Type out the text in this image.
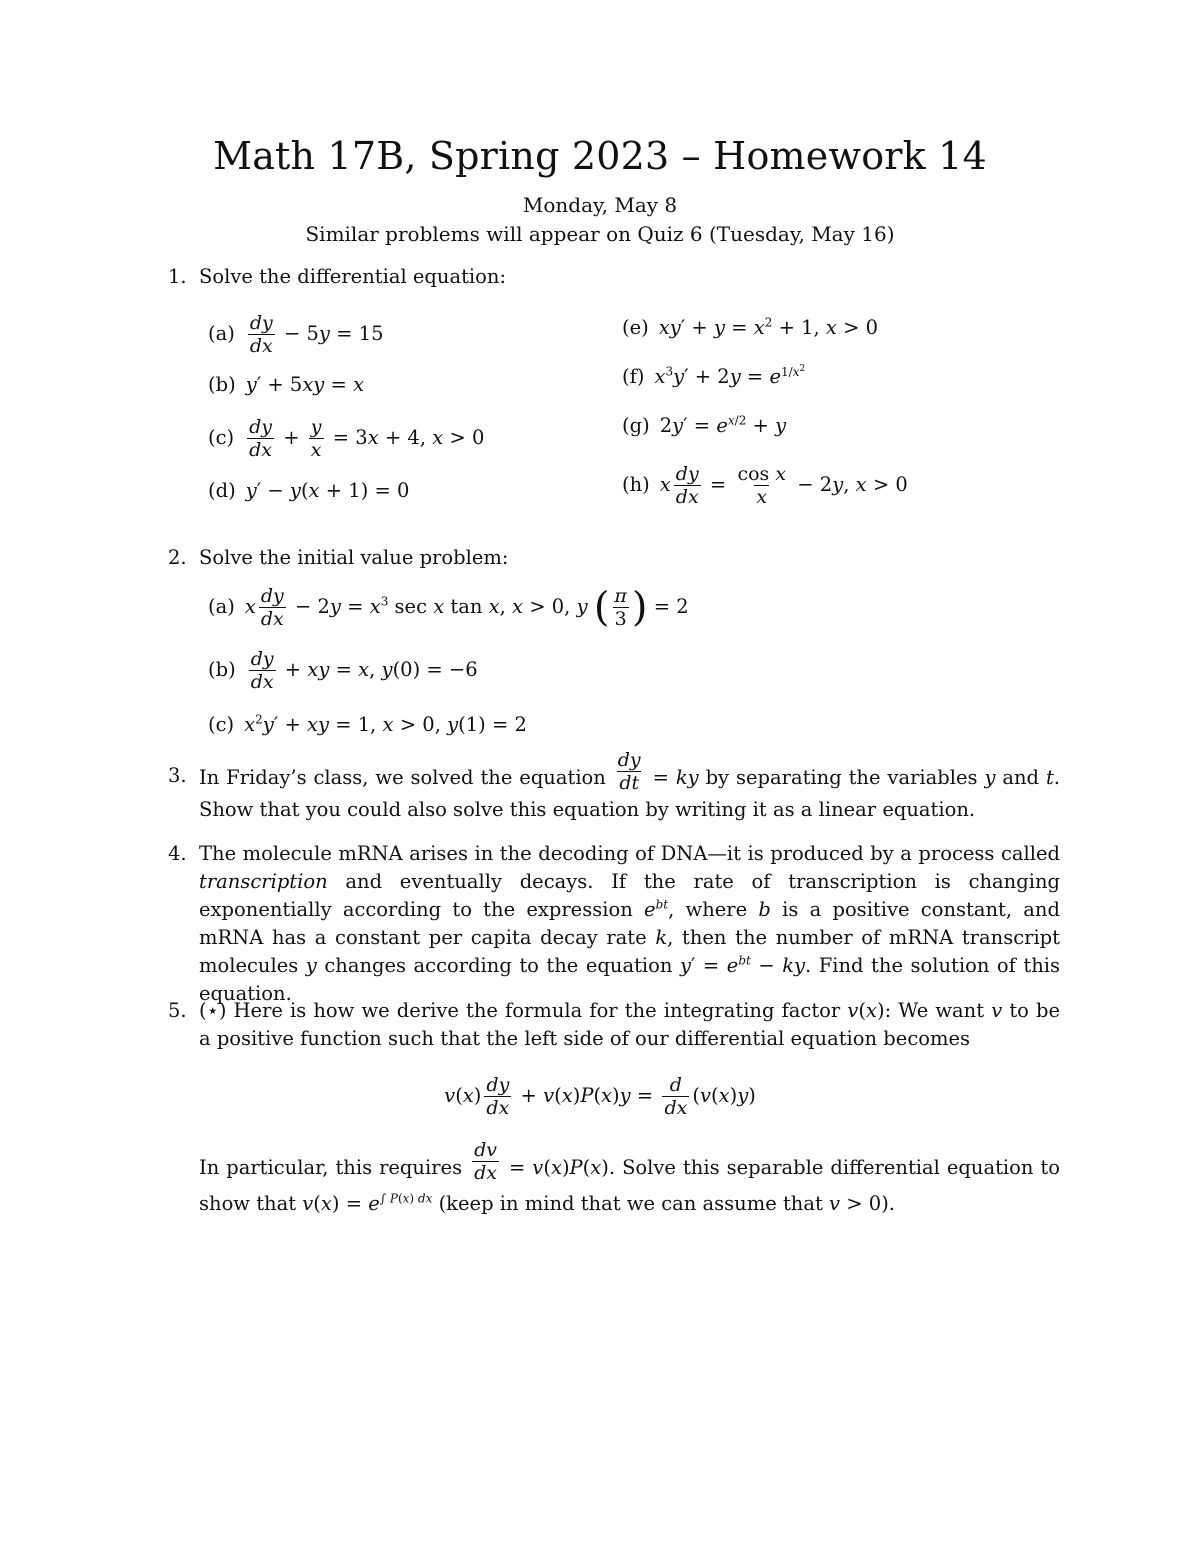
Math 17B, Spring 2023 – Homework 14
Monday, May 8
Similar problems will appear on Quiz 6 (Tuesday, May 16)
1. Solve the differential equation:
$(a) \frac{dy}{dx} - 5y = 15$
(b) y′ + 5xy = x
$(c) \frac{dy}{dx} + \frac{y}{x} = 3x + 4$, x > 0
(d) y′ − y(x + 1) = 0
(e) $xy' + y = x^2 + 1$, x > 0
(f) $x^3y' + 2y = e^{1/x^2}$
(g) $2y' = e^{x/2} + y$
(h) x $\frac{dy}{dx} = \frac{\text{cos x}}{x} - 2y$, x > 0
2. Solve the initial value problem:
(a) x $\frac{dy}{dx} - 2y = x^3$ sec x tan x, x > 0, y ( $\frac{\pi}{3}$ ) = 2
$(b) \frac{dy}{dx}$ + xy = x, y(0) = −6
(c) $x^2y'$ + xy = 1, x > 0, y(1) = 2
3. In Friday’s class, we solved the equation $\frac{dy}{dt}$ = ky by separating the variables y and t. Show that you could also solve this equation by writing it as a linear equation.
4. The molecule mRNA arises in the decoding of DNA—it is produced by a process called transcription and eventually decays. If the rate of transcription is changing exponentially according to the expression $e^{bt}$, where b is a positive constant, and mRNA has a constant per capita decay rate k, then the number of mRNA transcript molecules y changes according to the equation $y' = e^{bt}$ − ky. Find the solution of this equation.
5. (⋆) Here is how we derive the formula for the integrating factor v(x): We want v to be a positive function such that the left side of our differential equation becomes
$v(x) \frac{dy}{dx} + v(x)P(x)y = \frac{d}{dx} (v(x)y)$
In particular, this requires $\frac{dv}{dx} = v(x)P(x)$. Solve this separable differential equation to show that $v(x) = e^{\int P(x) dx}$ (keep in mind that we can assume that v > 0).
